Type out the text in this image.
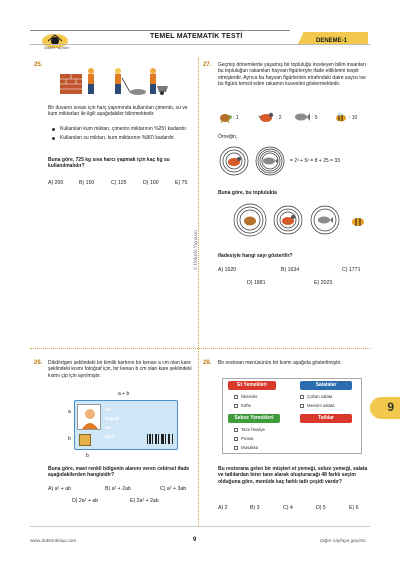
Doktrin Yayınları
TEMEL MATEMATİK TESTİ
DENEME-1
© Doktrin Yayınları
25.
Bir duvarın sıvası için harç yapımında kullanılan çimento, su ve kum miktarları ile ilgili aşağıdakiler bilinmektedir.
Kullanılan kum miktarı, çimento miktarının %25'i kadardır.
Kullanılan su miktarı, kum miktarının %80'i kadardır.
Buna göre, 725 kg sıva harcı yapmak için kaç kg su kullanılmalıdır?
A) 200	B) 150	C) 125	D) 100	E) 75
27. Geçmiş dönemlerde yaşamış bir topluluğu inceleyen bilim insanları bu topluluğun rakamları hayvan figürleriyle ifade ettiklerini tespit etmişlerdir. Ayrıca bu hayvan figürlerinin etrafındaki daire sayısı ise bu figürü temsil eden rakamın kuvvetini göstermektedir.
: 1	: 2	: 5	: 10
Örneğin,
= 2³ + 5² = 8 + 25 = 33
Buna göre, bu toplulukta
ifadesiyle hangi sayı gösterilir?
A) 1620	B) 1634	C) 1771
D) 1881	E) 2023
26. Dikdörtgen şeklindeki bir kimlik kartının bir kenarı a cm olan kare şeklindeki kısmı fotoğraf için, bir kenarı b cm olan kare şeklindeki kısmı çip için ayrılmıştır.
a + b
a
b
b
Ad
Soyad
No
Sınıf
Buna göre, mavi renkli bölgenin alanını veren cebirsel ifade aşağıdakilerden hangisidir?
A) a² + ab	B) a² + 2ab	C) a² + 3ab
D) 2a² + ab	E) 2a² + 2ab
28. Bir restoran menüsünün bir kısmı aşağıda gösterilmiştir.
Et Yemekleri
İskender
Köfte
Sebze Yemekleri
Taze fasulye
Pırasa
Musakka
Salatalar
Çoban salata
Mevsim salata
Tatlılar
Bu restorana gelen bir müşteri et yemeği, sebze yemeği, salata ve tatlılardan birer tane alarak oluşturacağı 48 farklı seçim olduğuna göre, menüde kaç farklı tatlı çeşidi vardır?
A) 2	B) 3	C) 4	D) 5	E) 6
9
www.doktrinkitap.com	9	Diğer sayfaya geçiniz.
